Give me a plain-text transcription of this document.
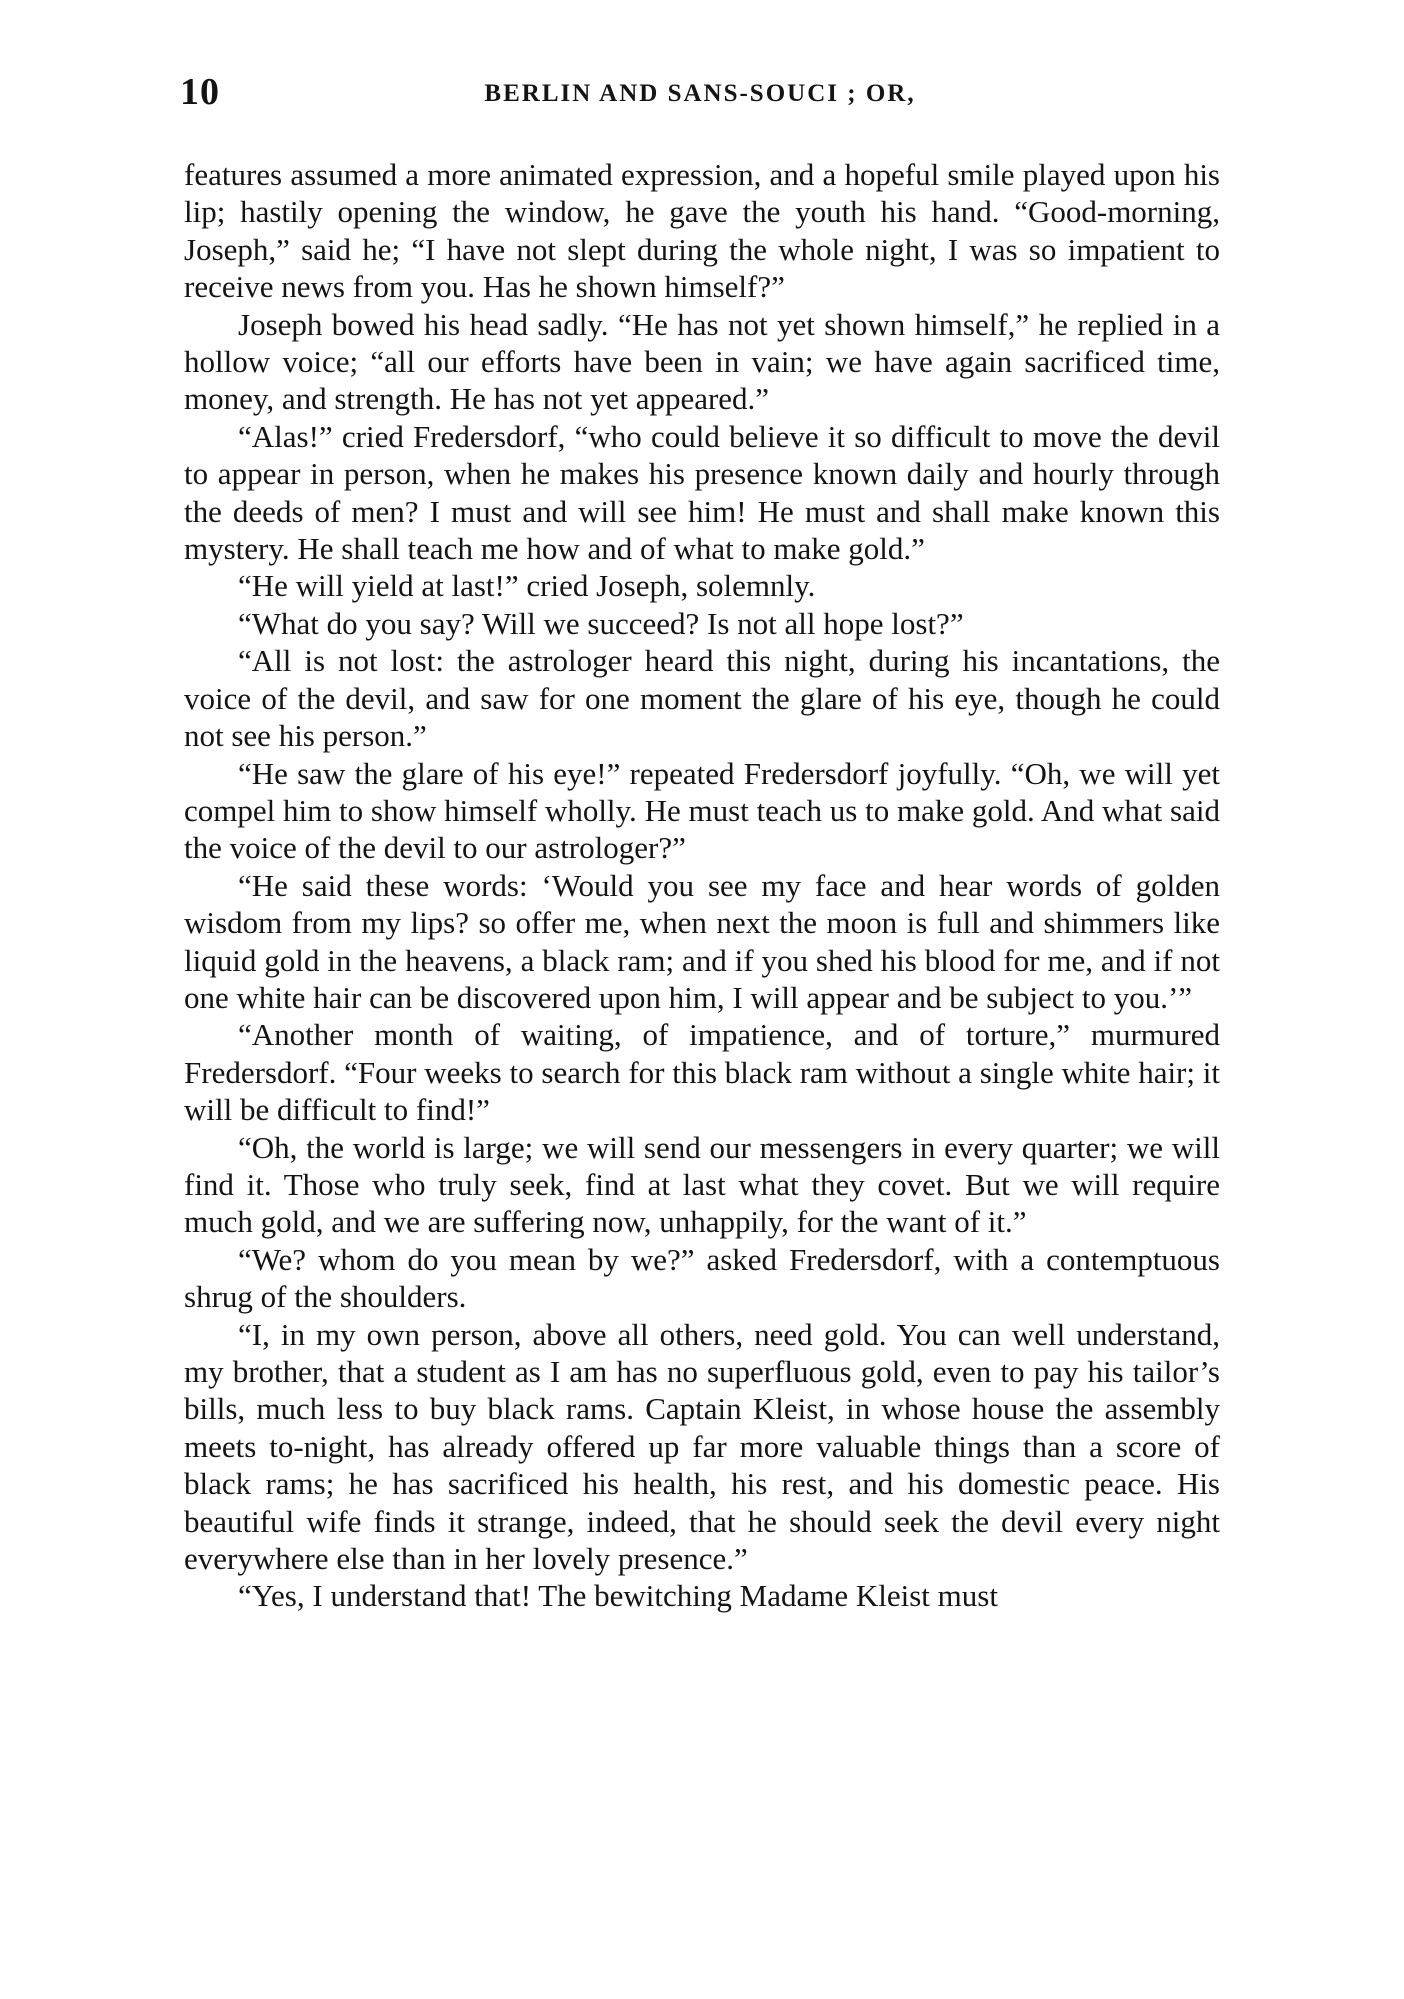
10	BERLIN AND SANS-SOUCI ; OR,

features assumed a more animated expression, and a hopeful smile played upon his lip; hastily opening the window, he gave the youth his hand. “Good-morning, Joseph,” said he; “I have not slept during the whole night, I was so impatient to receive news from you. Has he shown himself?”

Joseph bowed his head sadly. “He has not yet shown himself,” he replied in a hollow voice; “all our efforts have been in vain; we have again sacrificed time, money, and strength. He has not yet appeared.”

“Alas!” cried Fredersdorf, “who could believe it so difficult to move the devil to appear in person, when he makes his presence known daily and hourly through the deeds of men? I must and will see him! He must and shall make known this mystery. He shall teach me how and of what to make gold.”

“He will yield at last!” cried Joseph, solemnly.

“What do you say? Will we succeed? Is not all hope lost?”

“All is not lost: the astrologer heard this night, during his incantations, the voice of the devil, and saw for one moment the glare of his eye, though he could not see his person.”

“He saw the glare of his eye!” repeated Fredersdorf joyfully. “Oh, we will yet compel him to show himself wholly. He must teach us to make gold. And what said the voice of the devil to our astrologer?”

“He said these words: ‘Would you see my face and hear words of golden wisdom from my lips? so offer me, when next the moon is full and shimmers like liquid gold in the heavens, a black ram; and if you shed his blood for me, and if not one white hair can be discovered upon him, I will appear and be subject to you.’”

“Another month of waiting, of impatience, and of torture,” murmured Fredersdorf. “Four weeks to search for this black ram without a single white hair; it will be difficult to find!”

“Oh, the world is large; we will send our messengers in every quarter; we will find it. Those who truly seek, find at last what they covet. But we will require much gold, and we are suffering now, unhappily, for the want of it.”

“We? whom do you mean by we?” asked Fredersdorf, with a contemptuous shrug of the shoulders.

“I, in my own person, above all others, need gold. You can well understand, my brother, that a student as I am has no superfluous gold, even to pay his tailor’s bills, much less to buy black rams. Captain Kleist, in whose house the assembly meets to-night, has already offered up far more valuable things than a score of black rams; he has sacrificed his health, his rest, and his domestic peace. His beautiful wife finds it strange, indeed, that he should seek the devil every night everywhere else than in her lovely presence.”

“Yes, I understand that! The bewitching Madame Kleist must
